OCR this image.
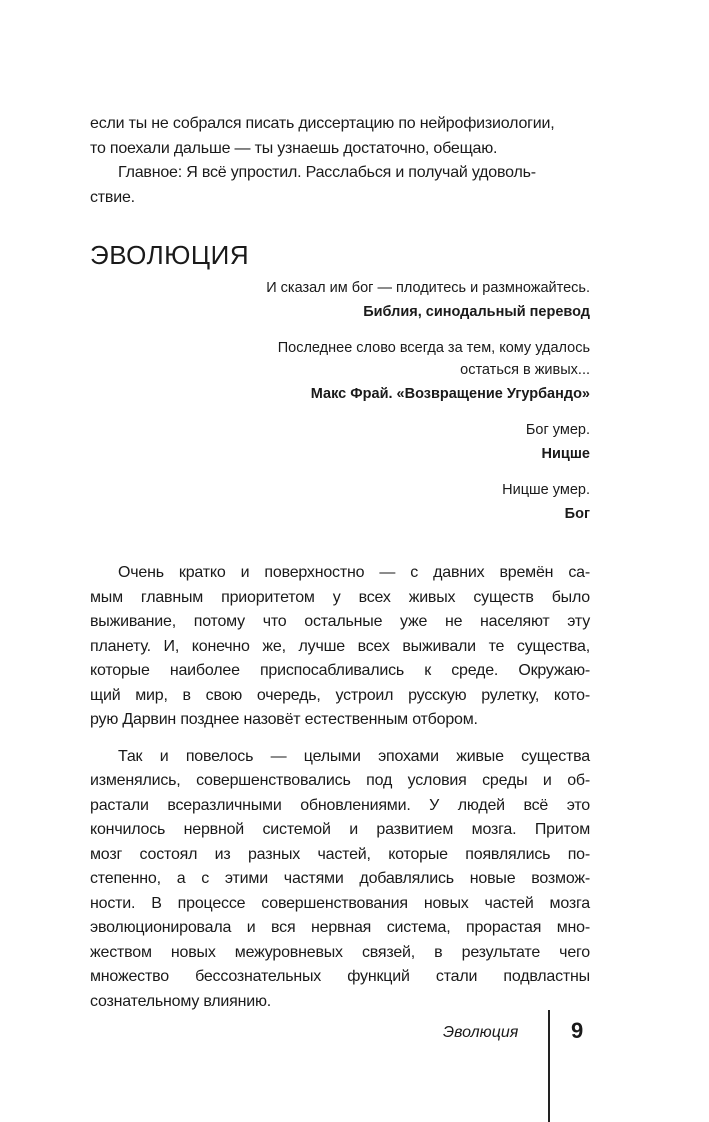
если ты не собрался писать диссертацию по нейрофизиологии,
то поехали дальше — ты узнаешь достаточно, обещаю.

Главное: Я всё упростил. Расслабься и получай удоволь-
ствие.

ЭВОЛЮЦИЯ
И сказал им бог — плодитесь и размножайтесь.
Библия, синодальный перевод
Последнее слово всегда за тем, кому удалось
остаться в живых...
Макс Фрай. «Возвращение Угурбандо»
Бог умер.
Ницше
Ницше умер.
Бог

Очень кратко и поверхностно — с давних времён са-
мым главным приоритетом у всех живых существ было
выживание, потому что остальные уже не населяют эту
планету. И, конечно же, лучше всех выживали те существа,
которые наиболее приспосабливались к среде. Окружаю-
щий мир, в свою очередь, устроил русскую рулетку, кото-
рую Дарвин позднее назовёт естественным отбором.

Так и повелось — целыми эпохами живые существа
изменялись, совершенствовались под условия среды и об-
растали всеразличными обновлениями. У людей всё это
кончилось нервной системой и развитием мозга. Притом
мозг состоял из разных частей, которые появлялись по-
степенно, а с этими частями добавлялись новые возмож-
ности. В процессе совершенствования новых частей мозга
эволюционировала и вся нервная система, прорастая мно-
жеством новых межуровневых связей, в результате чего
множество бессознательных функций стали подвластны
сознательному влиянию.

Эволюция 9
